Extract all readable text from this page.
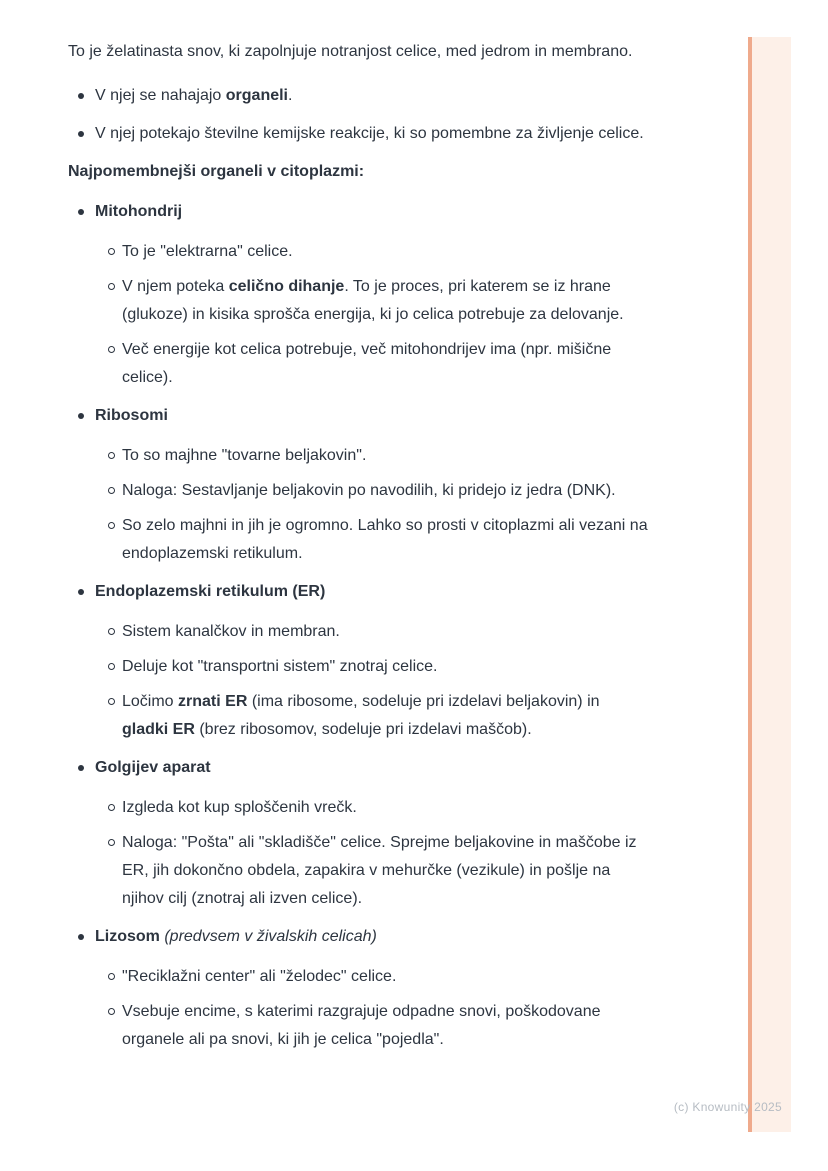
To je želatinasta snov, ki zapolnjuje notranjost celice, med jedrom in membrano.

V njej se nahajajo organeli.
V njej potekajo številne kemijske reakcije, ki so pomembne za življenje celice.

Najpomembnejši organeli v citoplazmi:

Mitohondrij
To je "elektrarna" celice.
V njem poteka celično dihanje. To je proces, pri katerem se iz hrane (glukoze) in kisika sprošča energija, ki jo celica potrebuje za delovanje.
Več energije kot celica potrebuje, več mitohondrijev ima (npr. mišične celice).
Ribosomi
To so majhne "tovarne beljakovin".
Naloga: Sestavljanje beljakovin po navodilih, ki pridejo iz jedra (DNK).
So zelo majhni in jih je ogromno. Lahko so prosti v citoplazmi ali vezani na endoplazemski retikulum.
Endoplazemski retikulum (ER)
Sistem kanalčkov in membran.
Deluje kot "transportni sistem" znotraj celice.
Ločimo zrnati ER (ima ribosome, sodeluje pri izdelavi beljakovin) in gladki ER (brez ribosomov, sodeluje pri izdelavi maščob).
Golgijev aparat
Izgleda kot kup sploščenih vrečk.
Naloga: "Pošta" ali "skladišče" celice. Sprejme beljakovine in maščobe iz ER, jih dokončno obdela, zapakira v mehurčke (vezikule) in pošlje na njihov cilj (znotraj ali izven celice).
Lizosom (predvsem v živalskih celicah)
"Reciklažni center" ali "želodec" celice.
Vsebuje encime, s katerimi razgrajuje odpadne snovi, poškodovane organele ali pa snovi, ki jih je celica "pojedla".
(c) Knowunity 2025
